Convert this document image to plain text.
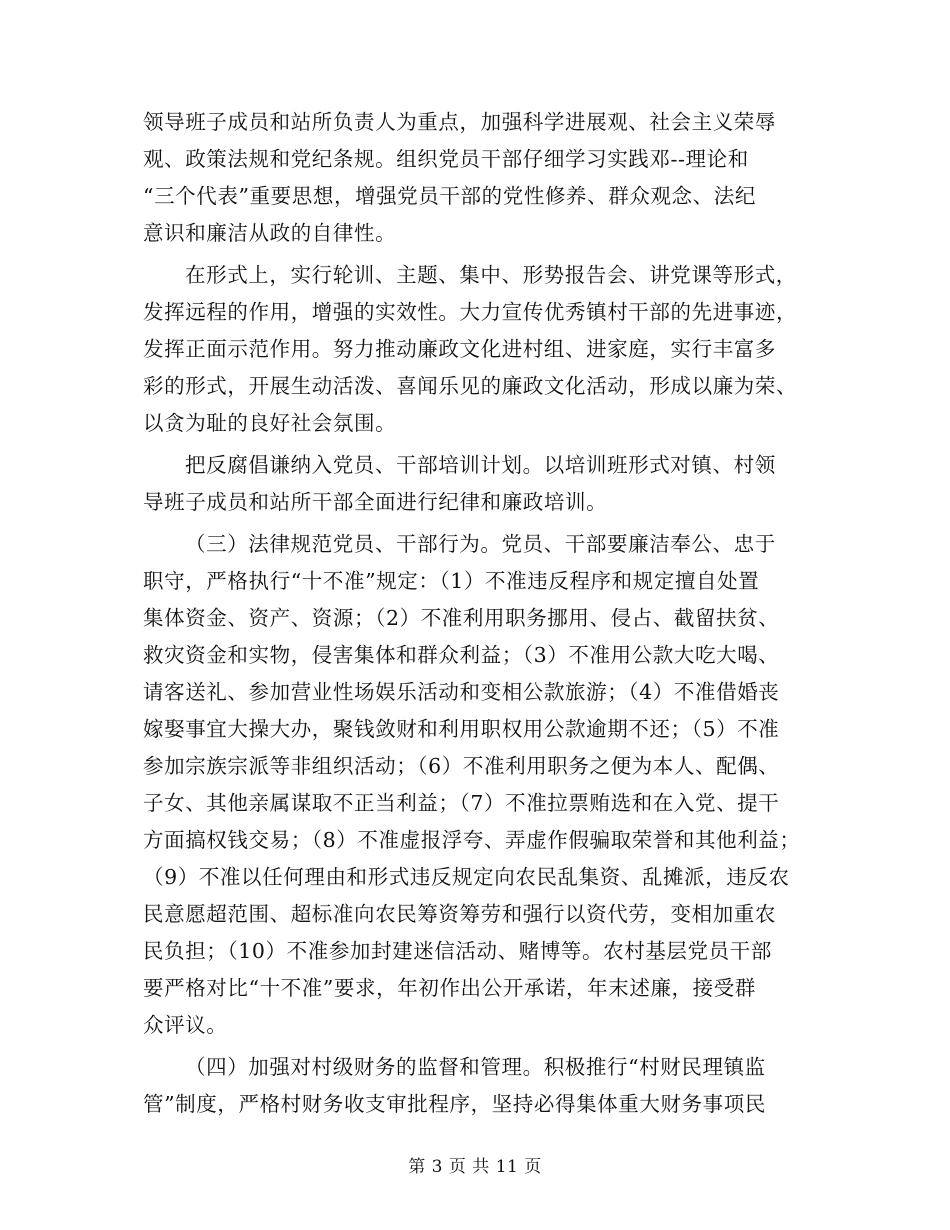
领导班子成员和站所负责人为重点，加强科学进展观、社会主义荣辱
观、政策法规和党纪条规。组织党员干部仔细学习实践邓--理论和
“三个代表”重要思想，增强党员干部的党性修养、群众观念、法纪
意识和廉洁从政的自律性。
在形式上，实行轮训、主题、集中、形势报告会、讲党课等形式，
发挥远程的作用，增强的实效性。大力宣传优秀镇村干部的先进事迹，
发挥正面示范作用。努力推动廉政文化进村组、进家庭，实行丰富多
彩的形式，开展生动活泼、喜闻乐见的廉政文化活动，形成以廉为荣、
以贪为耻的良好社会氛围。
把反腐倡谦纳入党员、干部培训计划。以培训班形式对镇、村领
导班子成员和站所干部全面进行纪律和廉政培训。
（三）法律规范党员、干部行为。党员、干部要廉洁奉公、忠于
职守，严格执行“十不准”规定：（1）不准违反程序和规定擅自处置
集体资金、资产、资源；（2）不准利用职务挪用、侵占、截留扶贫、
救灾资金和实物，侵害集体和群众利益；（3）不准用公款大吃大喝、
请客送礼、参加营业性场娱乐活动和变相公款旅游；（4）不准借婚丧
嫁娶事宜大操大办，聚钱敛财和利用职权用公款逾期不还；（5）不准
参加宗族宗派等非组织活动；（6）不准利用职务之便为本人、配偶、
子女、其他亲属谋取不正当利益；（7）不准拉票贿选和在入党、提干
方面搞权钱交易；（8）不准虚报浮夸、弄虚作假骗取荣誉和其他利益；
（9）不准以任何理由和形式违反规定向农民乱集资、乱摊派，违反农
民意愿超范围、超标准向农民筹资筹劳和强行以资代劳，变相加重农
民负担；（10）不准参加封建迷信活动、赌博等。农村基层党员干部
要严格对比“十不准”要求，年初作出公开承诺，年末述廉，接受群
众评议。
（四）加强对村级财务的监督和管理。积极推行“村财民理镇监
管”制度，严格村财务收支审批程序，坚持必得集体重大财务事项民
第 3 页 共 11 页
